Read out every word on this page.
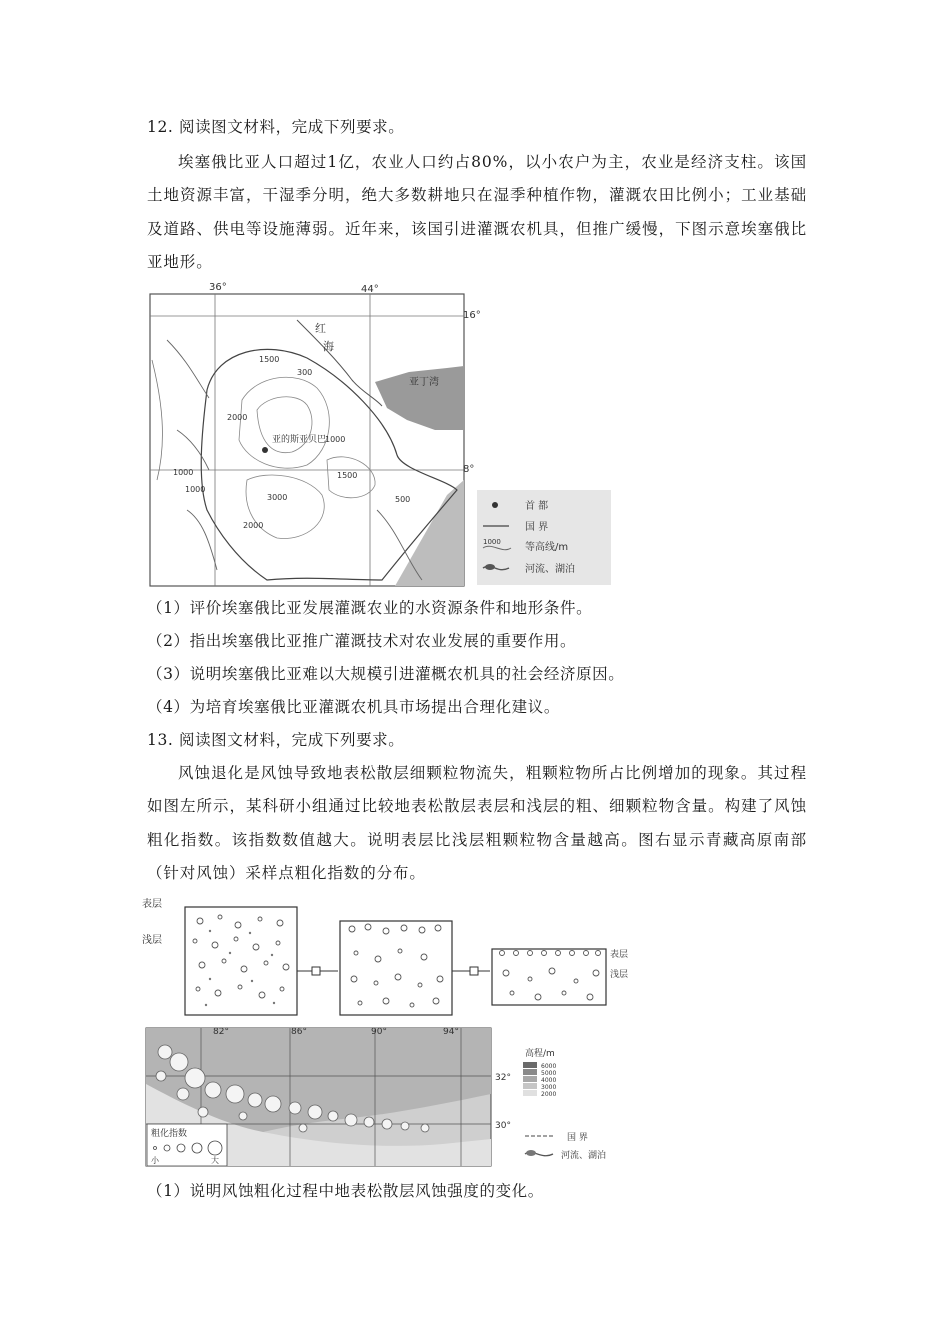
12. 阅读图文材料，完成下列要求。
埃塞俄比亚人口超过1亿，农业人口约占80%，以小农户为主，农业是经济支柱。该国土地资源丰富，干湿季分明，绝大多数耕地只在湿季种植作物，灌溉农田比例小；工业基础及道路、供电等设施薄弱。近年来，该国引进灌溉农机具，但推广缓慢，下图示意埃塞俄比亚地形。
36°	44°
16°
8°
红
海
亚丁湾
亚的斯亚贝巴
1000
1500
300
2000
1000	1500
1000
3000
2000
500
首 都
国 界
1000 等高线/m
河流、湖泊
（1）评价埃塞俄比亚发展灌溉农业的水资源条件和地形条件。
（2）指出埃塞俄比亚推广灌溉技术对农业发展的重要作用。
（3）说明埃塞俄比亚难以大规模引进灌概农机具的社会经济原因。
（4）为培育埃塞俄比亚灌溉农机具市场提出合理化建议。
13. 阅读图文材料，完成下列要求。
风蚀退化是风蚀导致地表松散层细颗粒物流失，粗颗粒物所占比例增加的现象。其过程如图左所示，某科研小组通过比较地表松散层表层和浅层的粗、细颗粒物含量。构建了风蚀粗化指数。该指数数值越大。说明表层比浅层粗颗粒物含量越高。图右显示青藏高原南部（针对风蚀）采样点粗化指数的分布。
表层
浅层
表层
浅层
82°	86°	90°	94°
32°
30°
粗化指数
小	大
高程/m
6000
5000
4000
3000
2000
国 界
河流、湖泊
（1）说明风蚀粗化过程中地表松散层风蚀强度的变化。
